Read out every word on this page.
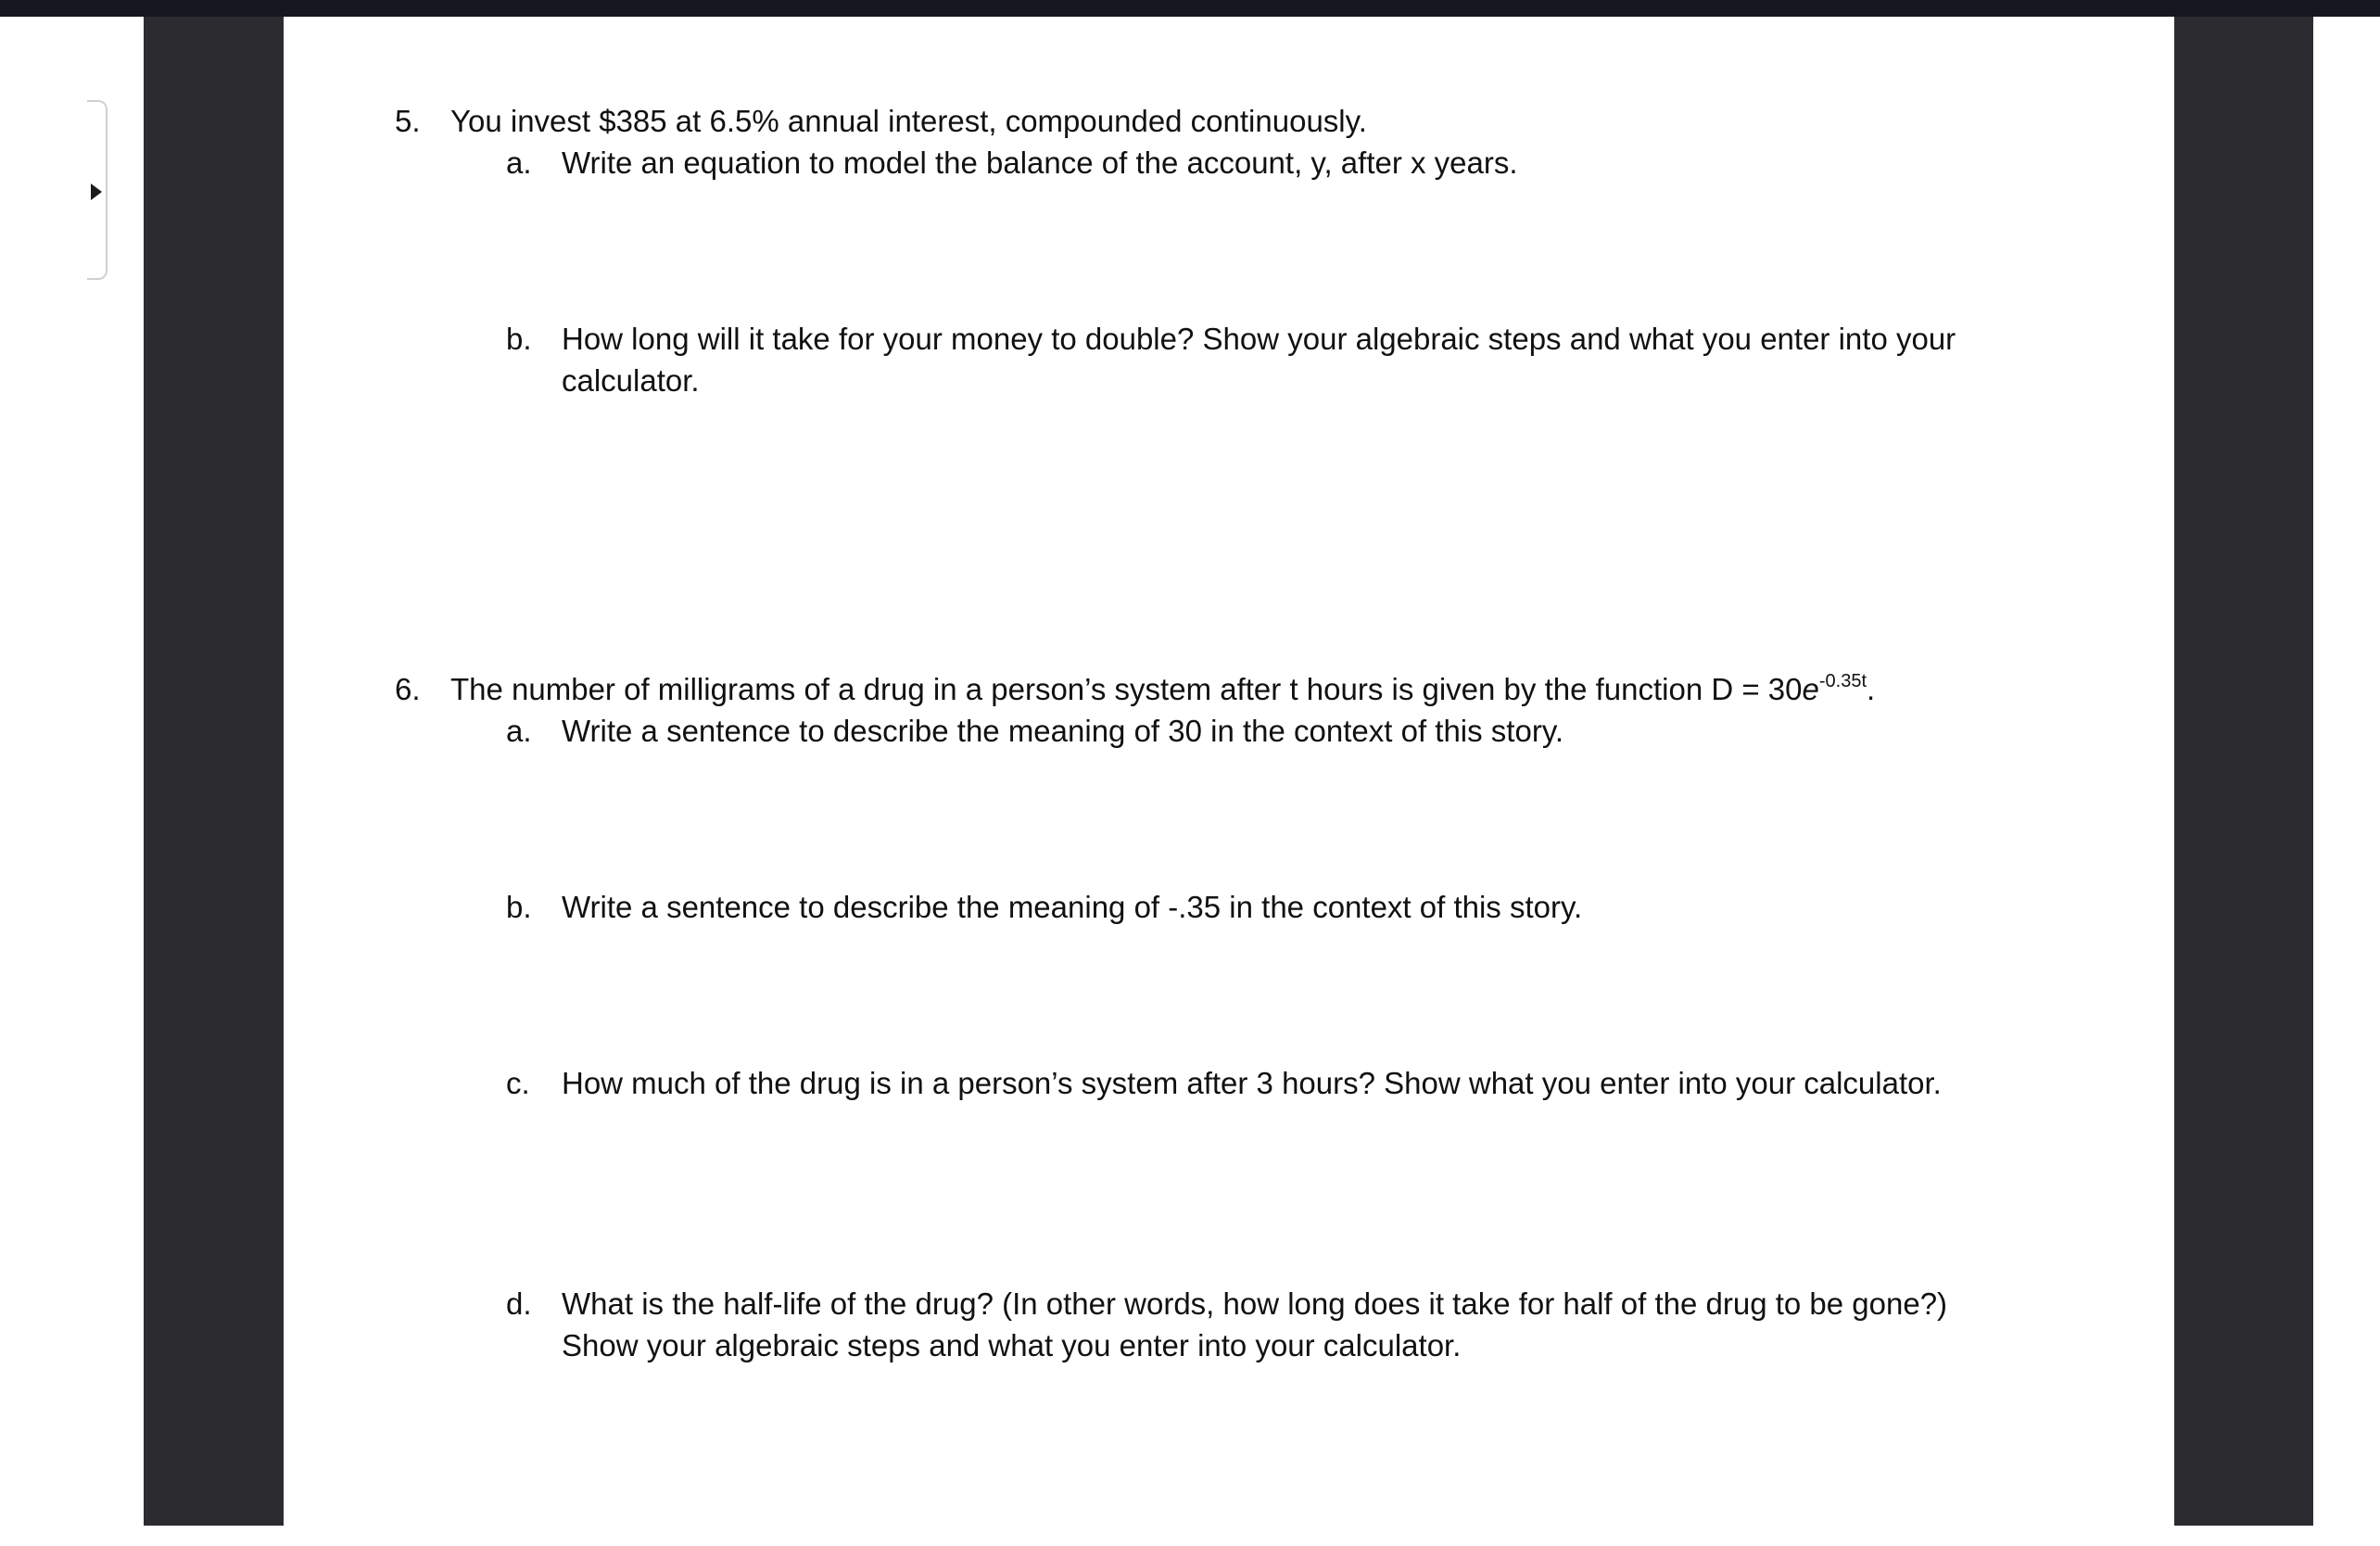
5. You invest $385 at 6.5% annual interest, compounded continuously.
a. Write an equation to model the balance of the account, y, after x years.
b. How long will it take for your money to double? Show your algebraic steps and what you enter into your
calculator.
6. The number of milligrams of a drug in a person’s system after t hours is given by the function $D = 30e^{-0.35t}$.
a. Write a sentence to describe the meaning of 30 in the context of this story.
b. Write a sentence to describe the meaning of -.35 in the context of this story.
c. How much of the drug is in a person’s system after 3 hours? Show what you enter into your calculator.
d. What is the half-life of the drug? (In other words, how long does it take for half of the drug to be gone?)
Show your algebraic steps and what you enter into your calculator.
